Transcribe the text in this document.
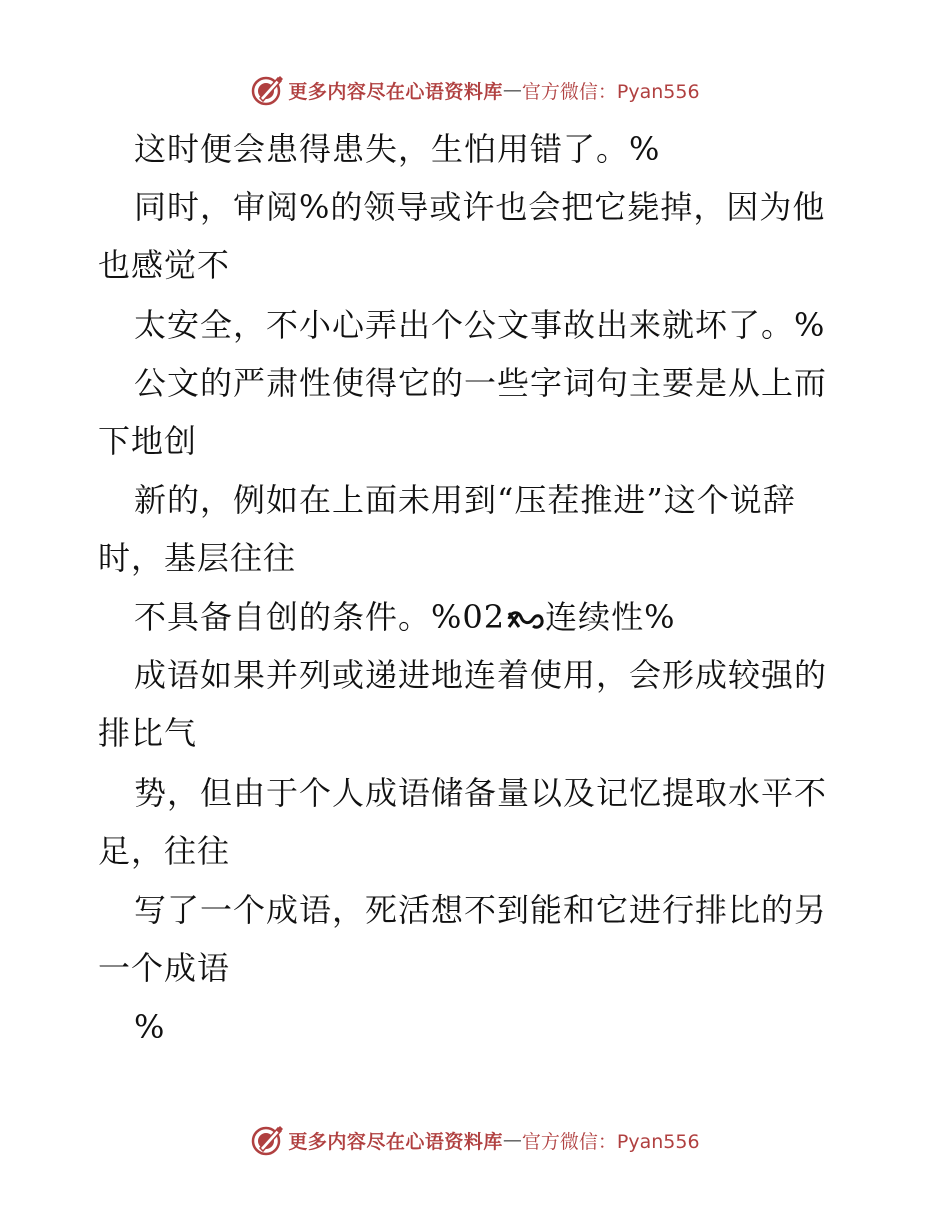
更多内容尽在心语资料库 — 官方微信：Pyan556
这时便会患得患失，生怕用错了。%
同时，审阅%的领导或许也会把它毙掉，因为他
也感觉不
太安全，不小心弄出个公文事故出来就坏了。%
公文的严肃性使得它的一些字词句主要是从上而
下地创
新的，例如在上面未用到“压茬推进”这个说辞
时，基层往往
不具备自创的条件。%02 连续性%
成语如果并列或递进地连着使用，会形成较强的
排比气
势，但由于个人成语储备量以及记忆提取水平不
足，往往
写了一个成语，死活想不到能和它进行排比的另
一个成语
%
更多内容尽在心语资料库 — 官方微信：Pyan556
